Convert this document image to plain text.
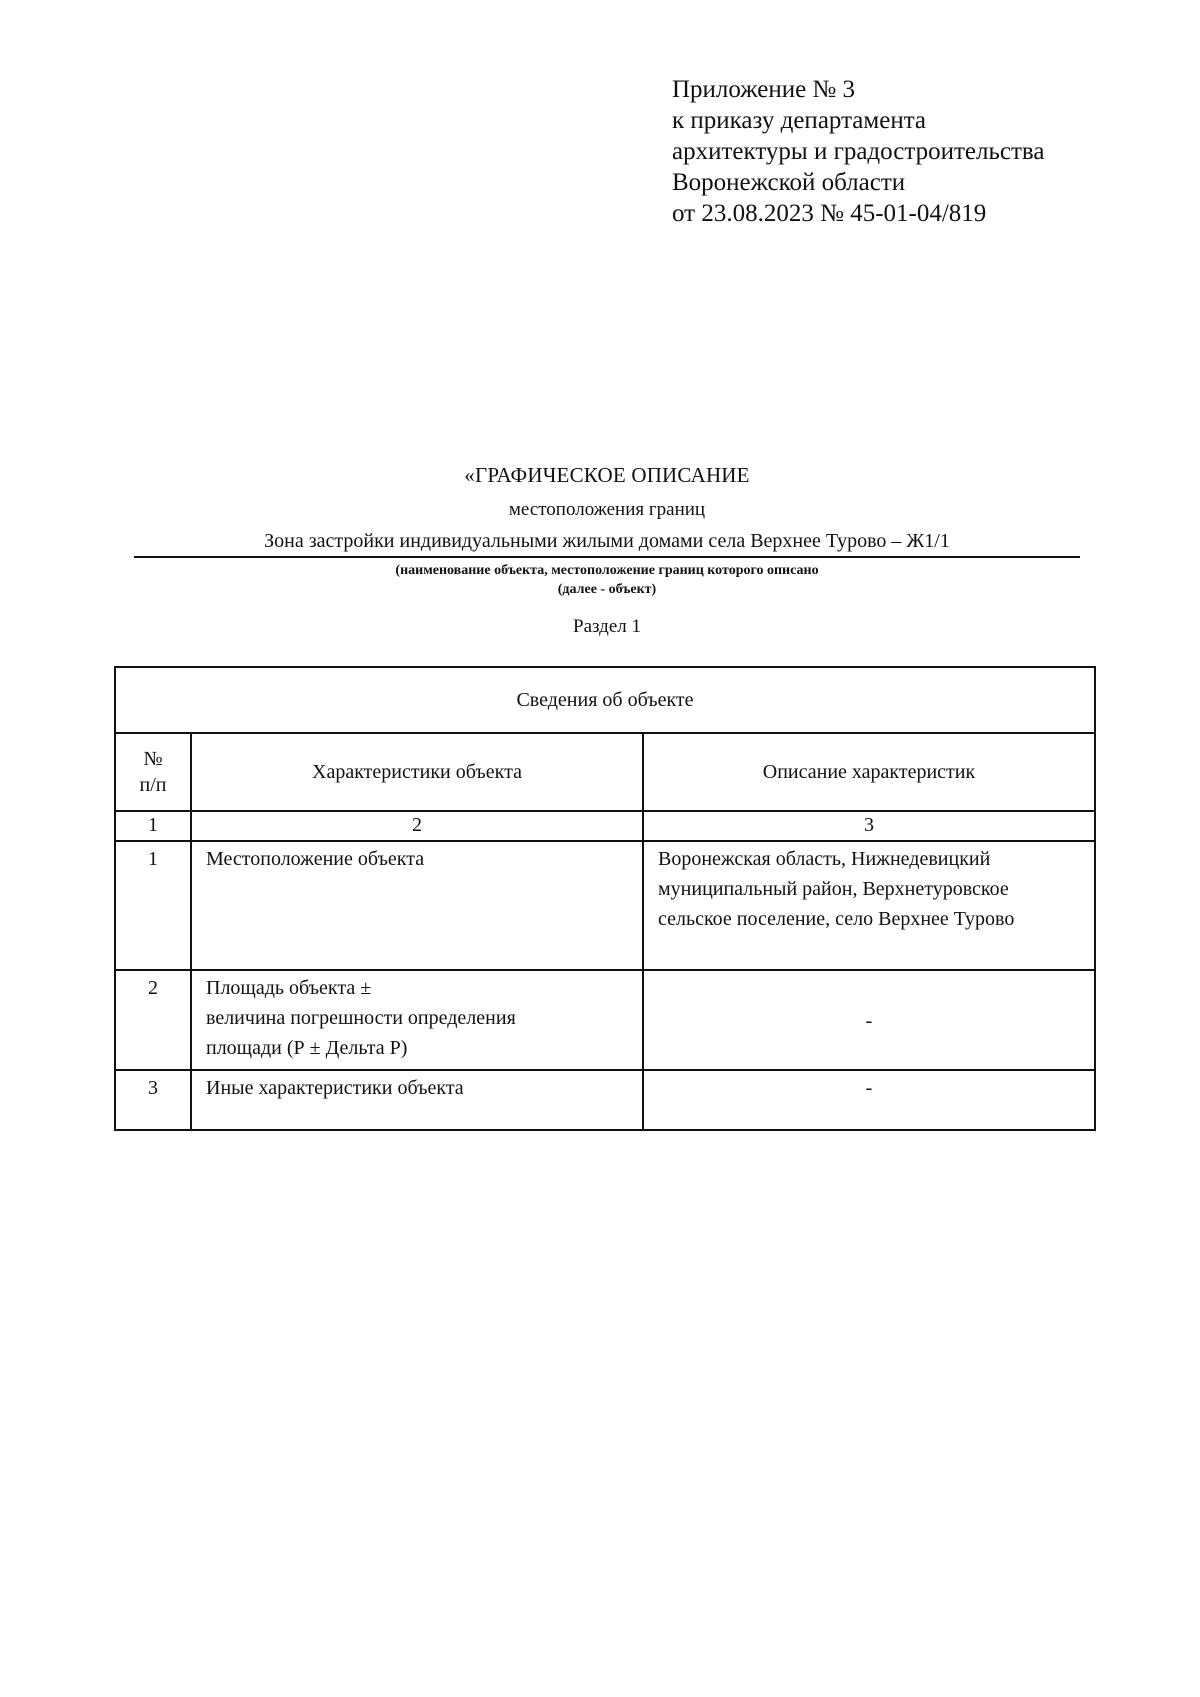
Приложение № 3
к приказу департамента
архитектуры и градостроительства
Воронежской области
от 23.08.2023 № 45-01-04/819
«ГРАФИЧЕСКОЕ ОПИСАНИЕ
местоположения границ
Зона застройки индивидуальными жилыми домами села Верхнее Турово – Ж1/1
(наименование объекта, местоположение границ которого описано
(далее - объект)
Раздел 1
Сведения об объекте		

№
п/п	Характеристики объекта	Описание характеристик
1	2	3
1	Местоположение объекта	Воронежская область, Нижнедевицкий
муниципальный район, Верхнетуровское
сельское поселение, село Верхнее Турово

2	Площадь объекта ±
величина погрешности определения
площади (Р ± Дельта Р)	-

3	Иные характеристики объекта	-
